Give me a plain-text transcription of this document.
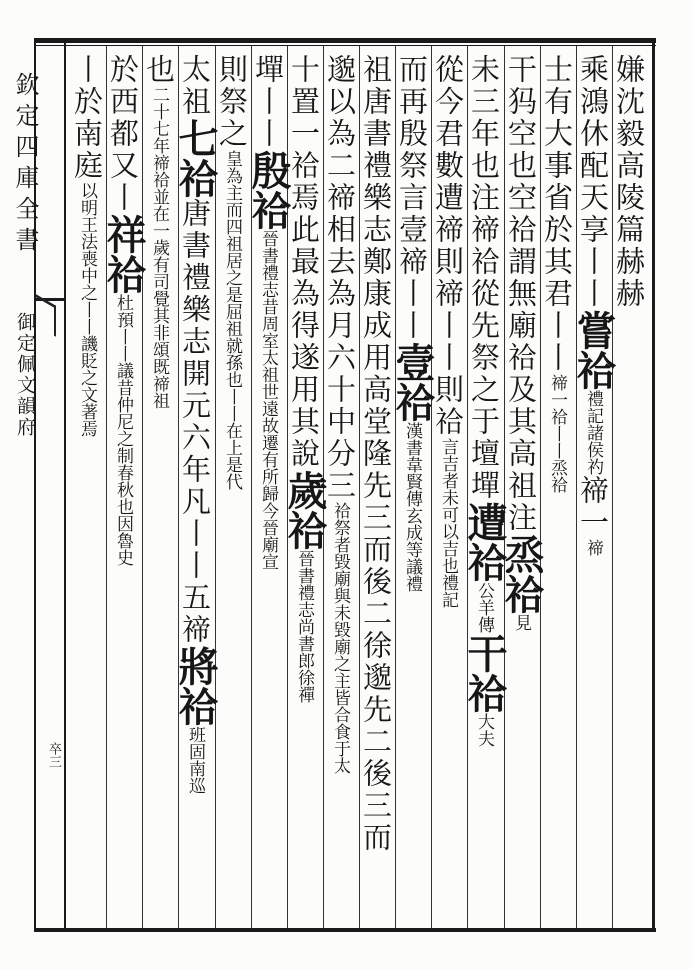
欽定四庫全書
御定佩文韻府
卒三
嫌沈毅高陵篇赫赫
乘鴻休配天享丨丨嘗祫禮記諸侯礿禘一禘
士有大事省於其君丨丨禘一祫丨丨烝祫
干犸空也空祫謂無廟祫及其高祖注烝祫見
未三年也注禘祫從先祭之于壇墠遭祫公羊傳干祫大夫
從今君數遭禘則禘丨丨則祫言吉者未可以吉也禮記
而再殷祭言壹禘丨丨壹祫漢書韋賢傳玄成等議禮
祖唐書禮樂志鄭康成用高堂隆先三而後二徐邈先二後三而
邈以為二禘相去為月六十中分三祫祭者毀廟與未毀廟之主皆合食于太
十置一祫焉此最為得遂用其說歲祫晉書禮志尚書郎徐禪
墠丨丨殷祫晉書禮志昔周室太祖世遠故遷有所歸今晉廟宣
則祭之皇為主而四祖居之是屈祖就孫也丨丨在上是代
太祖七祫唐書禮樂志開元六年凡丨丨五禘將祫班固南巡
也二十七年禘祫並在一歲有司覺其非頌既禘祖
於西都又丨祥祫杜預丨丨議昔仲尼之制春秋也因魯史
丨於南庭以明王法喪中之丨丨譏貶之文著焉
